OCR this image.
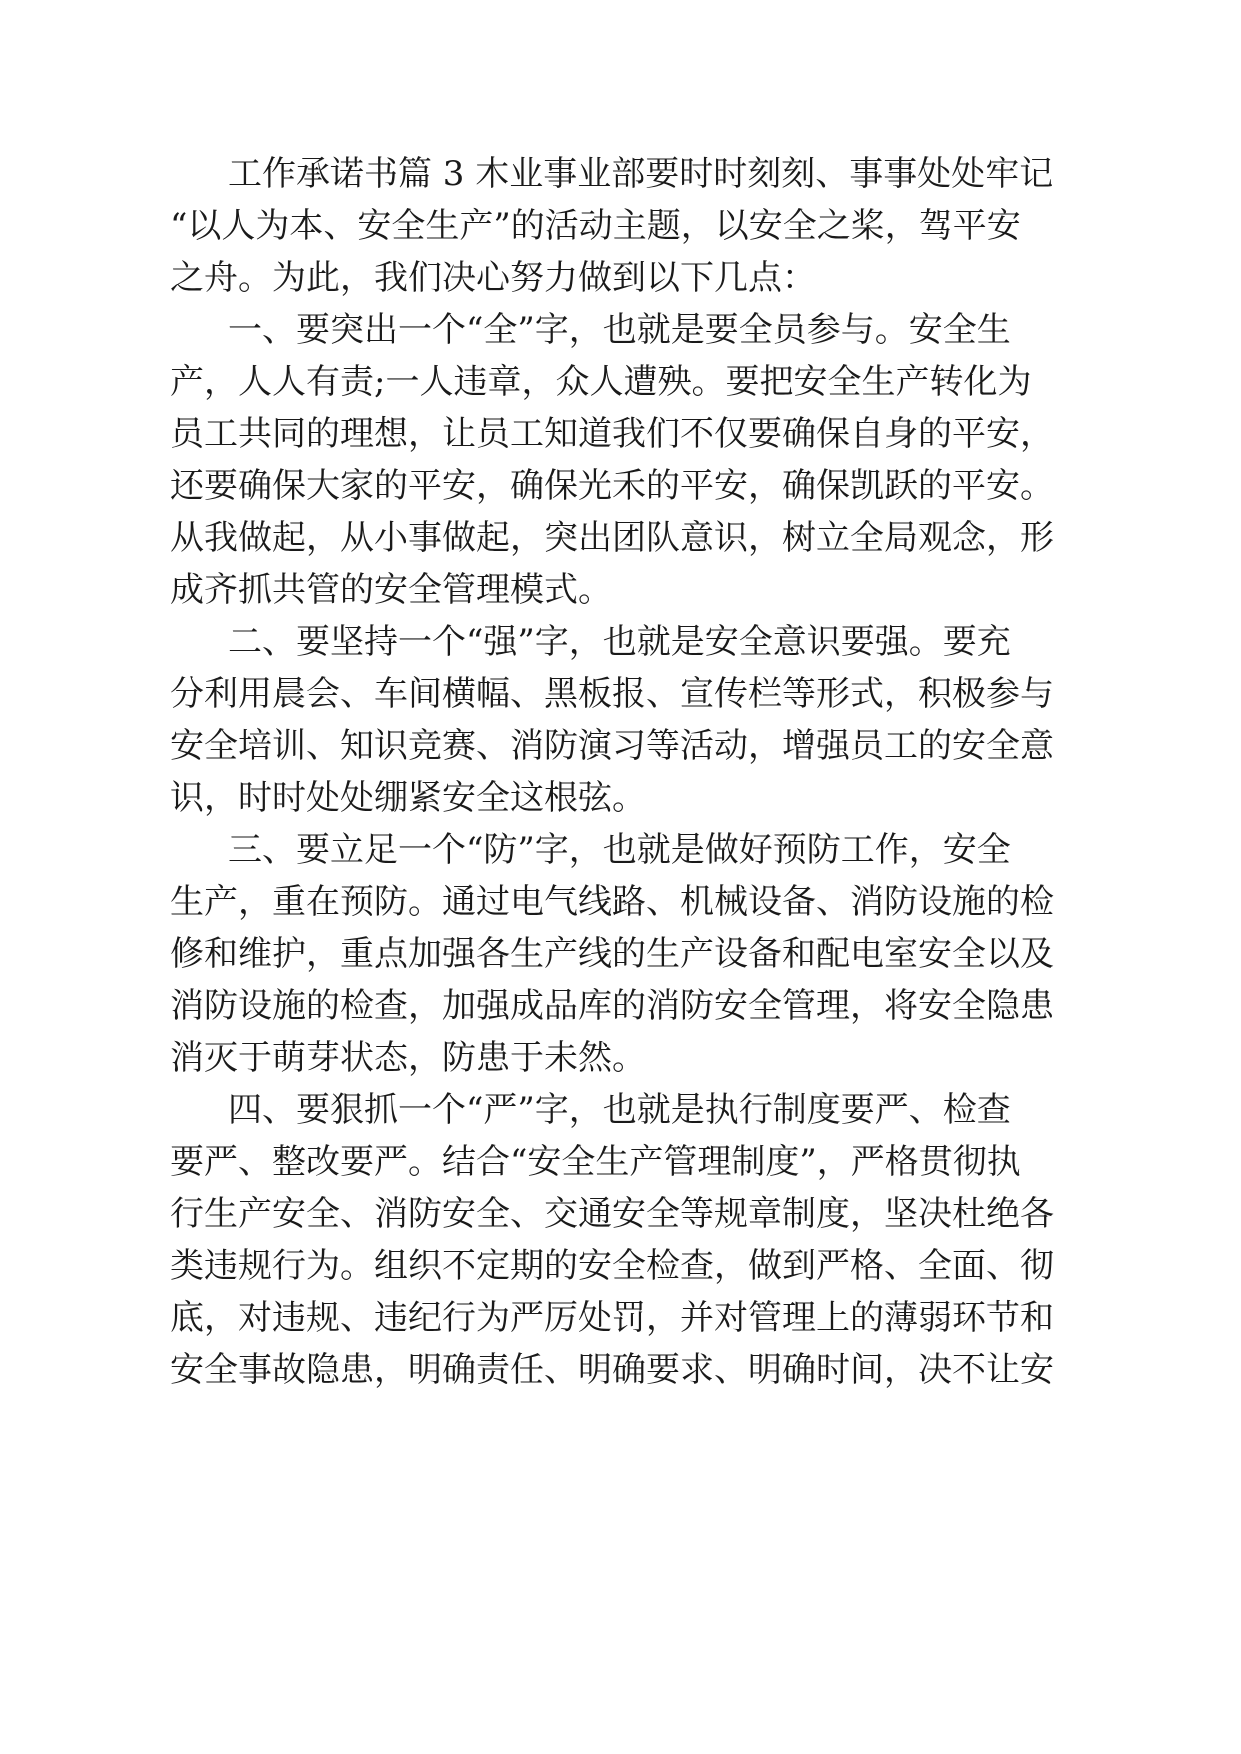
工作承诺书篇 3 木业事业部要时时刻刻、事事处处牢记

“以人为本、安全生产”的活动主题，以安全之桨，驾平安

之舟。为此，我们决心努力做到以下几点：

一、要突出一个“全”字，也就是要全员参与。安全生

产，人人有责;一人违章，众人遭殃。要把安全生产转化为

员工共同的理想，让员工知道我们不仅要确保自身的平安，

还要确保大家的平安，确保光禾的平安，确保凯跃的平安。

从我做起，从小事做起，突出团队意识，树立全局观念，形

成齐抓共管的安全管理模式。

二、要坚持一个“强”字，也就是安全意识要强。要充

分利用晨会、车间横幅、黑板报、宣传栏等形式，积极参与

安全培训、知识竞赛、消防演习等活动，增强员工的安全意

识，时时处处绷紧安全这根弦。

三、要立足一个“防”字，也就是做好预防工作，安全

生产，重在预防。通过电气线路、机械设备、消防设施的检

修和维护，重点加强各生产线的生产设备和配电室安全以及

消防设施的检查，加强成品库的消防安全管理，将安全隐患

消灭于萌芽状态，防患于未然。

四、要狠抓一个“严”字，也就是执行制度要严、检查

要严、整改要严。结合“安全生产管理制度”，严格贯彻执

行生产安全、消防安全、交通安全等规章制度，坚决杜绝各

类违规行为。组织不定期的安全检查，做到严格、全面、彻

底，对违规、违纪行为严厉处罚，并对管理上的薄弱环节和

安全事故隐患，明确责任、明确要求、明确时间，决不让安
